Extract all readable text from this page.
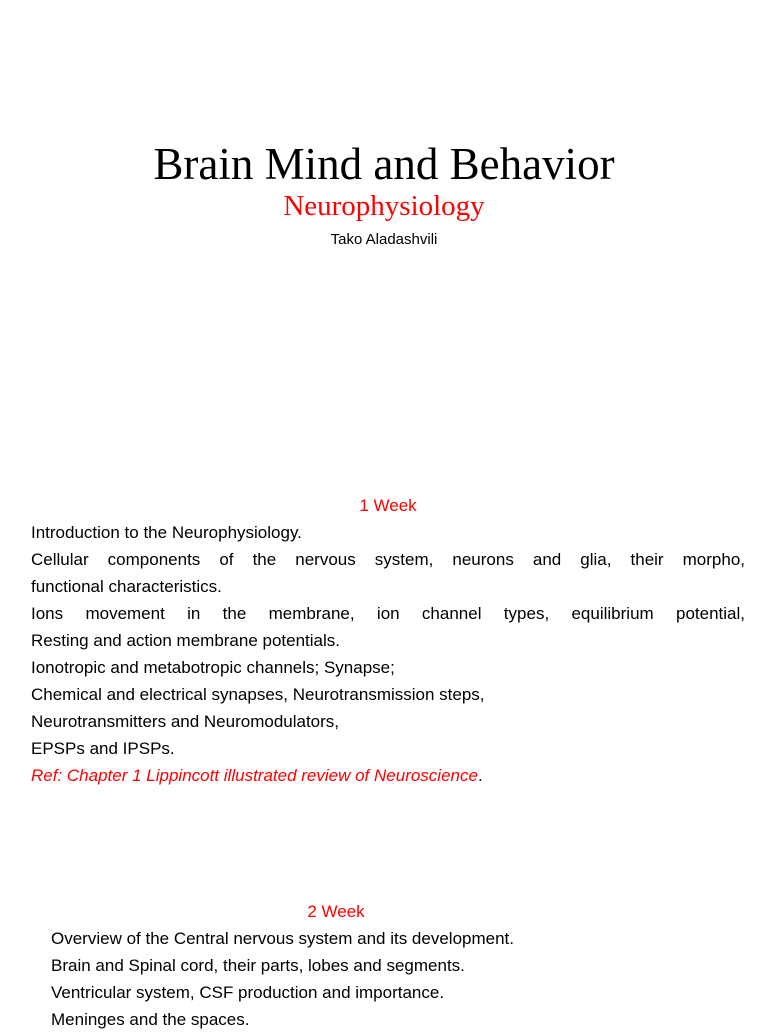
Brain Mind and Behavior
Neurophysiology
Tako Aladashvili
1 Week
Introduction to the Neurophysiology.
Cellular components of the nervous system, neurons and glia, their morpho,
functional characteristics.
Ions movement in the membrane, ion channel types, equilibrium potential,
Resting and action membrane potentials.
Ionotropic and metabotropic channels; Synapse;
Chemical and electrical synapses, Neurotransmission steps,
Neurotransmitters and Neuromodulators,
EPSPs and IPSPs.
Ref: Chapter 1 Lippincott illustrated review of Neuroscience.
2 Week
Overview of the Central nervous system and its development.
Brain and Spinal cord, their parts, lobes and segments.
Ventricular system, CSF production and importance.
Meninges and the spaces.
